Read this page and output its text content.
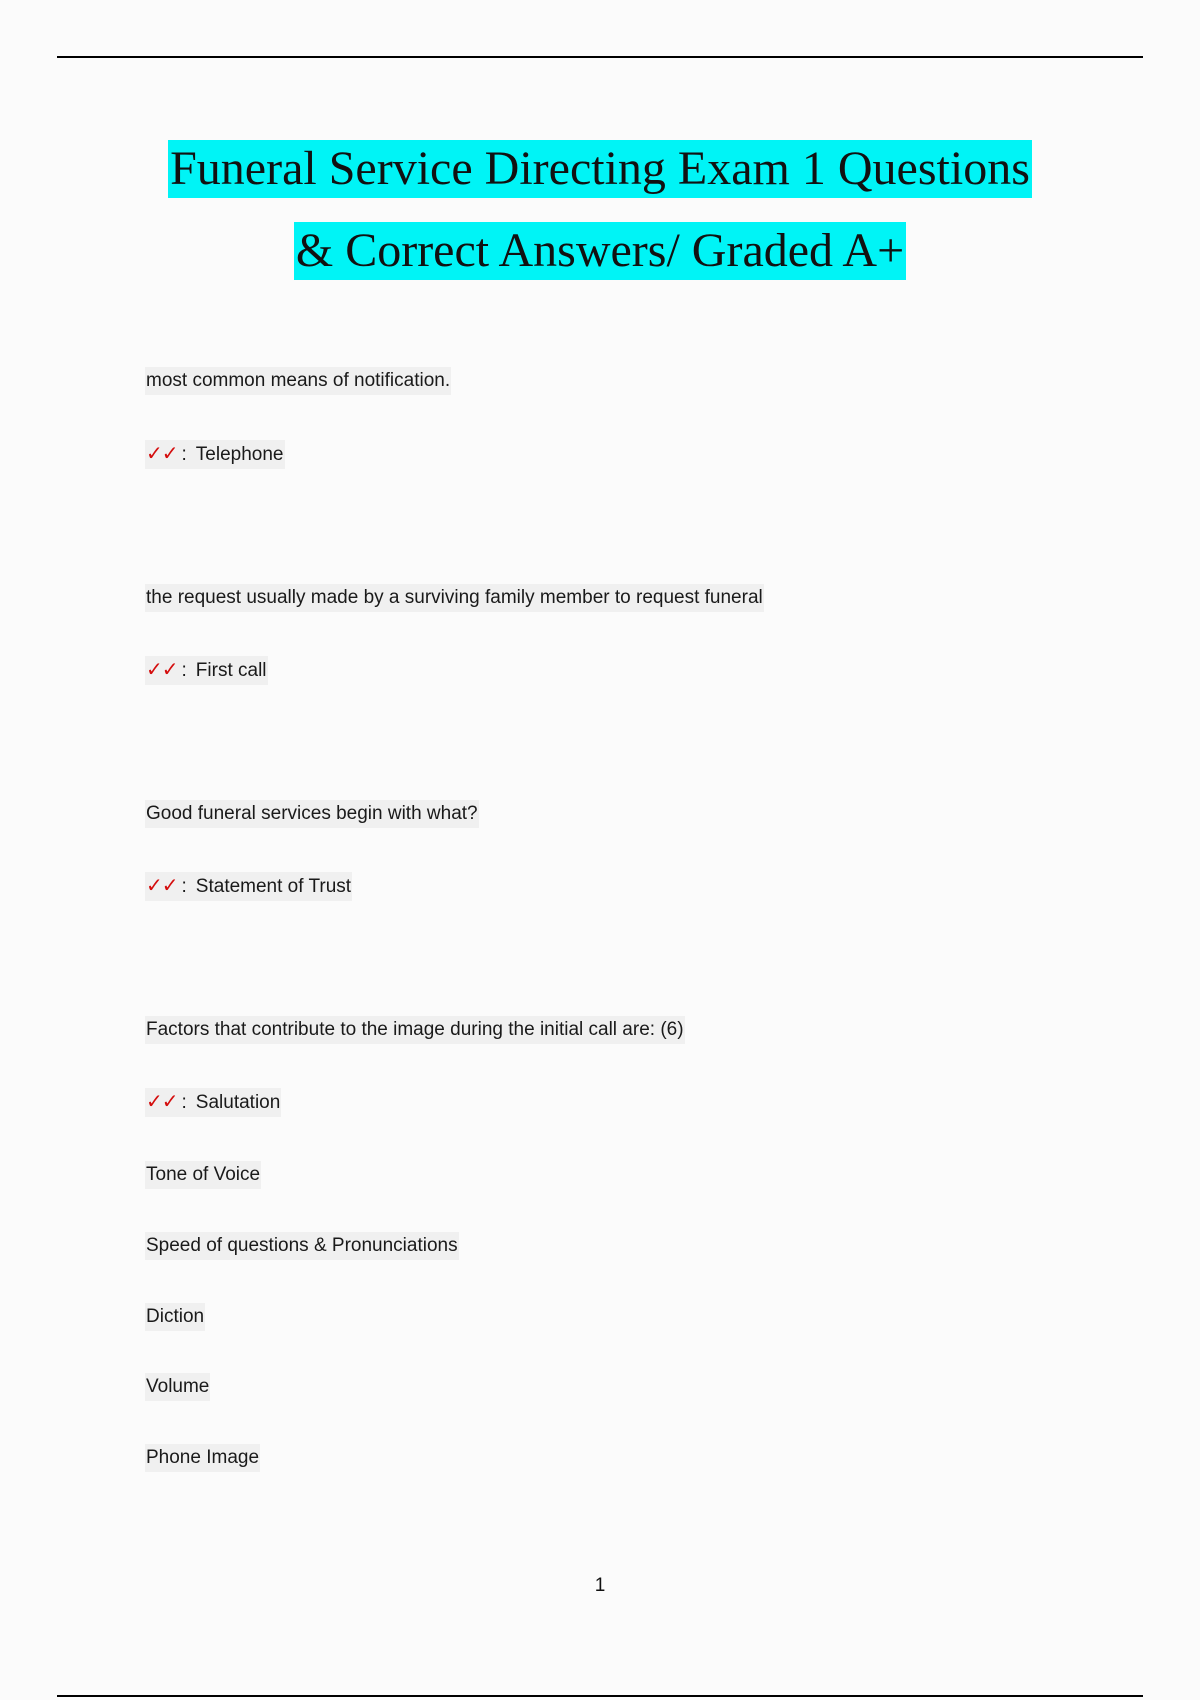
Funeral Service Directing Exam 1 Questions
& Correct Answers/ Graded A+
most common means of notification.
✓✓ : Telephone
the request usually made by a surviving family member to request funeral
✓✓ : First call
Good funeral services begin with what?
✓✓ : Statement of Trust
Factors that contribute to the image during the initial call are: (6)
✓✓ : Salutation
Tone of Voice
Speed of questions & Pronunciations
Diction
Volume
Phone Image
1
